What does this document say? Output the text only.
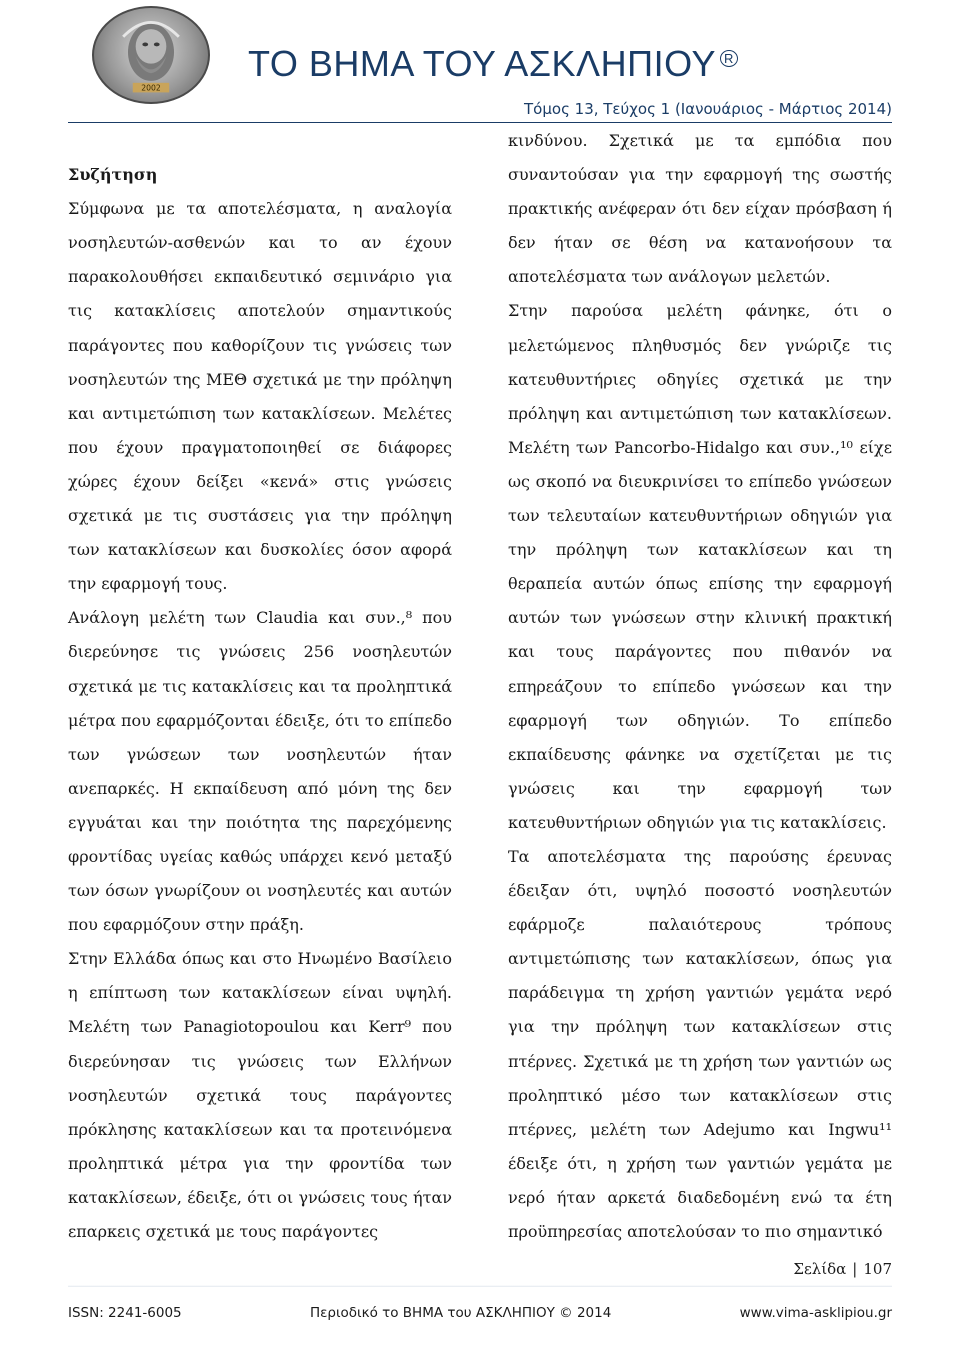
2002
ΤΟ ΒΗΜΑ ΤΟΥ ΑΣΚΛΗΠΙΟΥ $^R$
Τόμος 13, Τεύχος 1 (Ιανουάριος - Μάρτιος 2014)
Συζήτηση

Σύμφωνα με τα αποτελέσματα, η αναλογία νοσηλευτών-ασθενών και το αν έχουν παρακολουθήσει εκπαιδευτικό σεμινάριο για τις κατακλίσεις αποτελούν σημαντικούς παράγοντες που καθορίζουν τις γνώσεις των νοσηλευτών της ΜΕΘ σχετικά με την πρόληψη και αντιμετώπιση των κατακλίσεων. Μελέτες που έχουν πραγματοποιηθεί σε διάφορες χώρες έχουν δείξει «κενά» στις γνώσεις σχετικά με τις συστάσεις για την πρόληψη των κατακλίσεων και δυσκολίες όσον αφορά την εφαρμογή τους.

Ανάλογη μελέτη των Claudia και συν.,⁸ που διερεύνησε τις γνώσεις 256 νοσηλευτών σχετικά με τις κατακλίσεις και τα προληπτικά μέτρα που εφαρμόζονται έδειξε, ότι το επίπεδο των γνώσεων των νοσηλευτών ήταν ανεπαρκές. Η εκπαίδευση από μόνη της δεν εγγυάται και την ποιότητα της παρεχόμενης φροντίδας υγείας καθώς υπάρχει κενό μεταξύ των όσων γνωρίζουν οι νοσηλευτές και αυτών που εφαρμόζουν στην πράξη.

Στην Ελλάδα όπως και στο Ηνωμένο Βασίλειο η επίπτωση των κατακλίσεων είναι υψηλή. Μελέτη των Panagiotopoulou και Kerr⁹ που διερεύνησαν τις γνώσεις των Ελλήνων νοσηλευτών σχετικά τους παράγοντες πρόκλησης κατακλίσεων και τα προτεινόμενα προληπτικά μέτρα για την φροντίδα των κατακλίσεων, έδειξε, ότι οι γνώσεις τους ήταν επαρκεις σχετικά με τους παράγοντες

κινδύνου. Σχετικά με τα εμπόδια που συναντούσαν για την εφαρμογή της σωστής πρακτικής ανέφεραν ότι δεν είχαν πρόσβαση ή δεν ήταν σε θέση να κατανοήσουν τα αποτελέσματα των ανάλογων μελετών.

Στην παρούσα μελέτη φάνηκε, ότι ο μελετώμενος πληθυσμός δεν γνώριζε τις κατευθυντήριες οδηγίες σχετικά με την πρόληψη και αντιμετώπιση των κατακλίσεων. Μελέτη των Pancorbo-Hidalgo και συν.,¹⁰ είχε ως σκοπό να διευκρινίσει το επίπεδο γνώσεων των τελευταίων κατευθυντήριων οδηγιών για την πρόληψη των κατακλίσεων και τη θεραπεία αυτών όπως επίσης την εφαρμογή αυτών των γνώσεων στην κλινική πρακτική και τους παράγοντες που πιθανόν να επηρεάζουν το επίπεδο γνώσεων και την εφαρμογή των οδηγιών. Το επίπεδο εκπαίδευσης φάνηκε να σχετίζεται με τις γνώσεις και την εφαρμογή των κατευθυντήριων οδηγιών για τις κατακλίσεις.

Τα αποτελέσματα της παρούσης έρευνας έδειξαν ότι, υψηλό ποσοστό νοσηλευτών εφάρμοζε παλαιότερους τρόπους αντιμετώπισης των κατακλίσεων, όπως για παράδειγμα τη χρήση γαντιών γεμάτα νερό για την πρόληψη των κατακλίσεων στις πτέρνες. Σχετικά με τη χρήση των γαντιών ως προληπτικό μέσο των κατακλίσεων στις πτέρνες, μελέτη των Adejumo και Ingwu¹¹ έδειξε ότι, η χρήση των γαντιών γεμάτα με νερό ήταν αρκετά διαδεδομένη ενώ τα έτη προϋπηρεσίας αποτελούσαν το πιο σημαντικό

Σελίδα | 107
ISSN: 2241-6005	Περιοδικό το ΒΗΜΑ του ΑΣΚΛΗΠΙΟΥ © 2014	www.vima-asklipiou.gr
